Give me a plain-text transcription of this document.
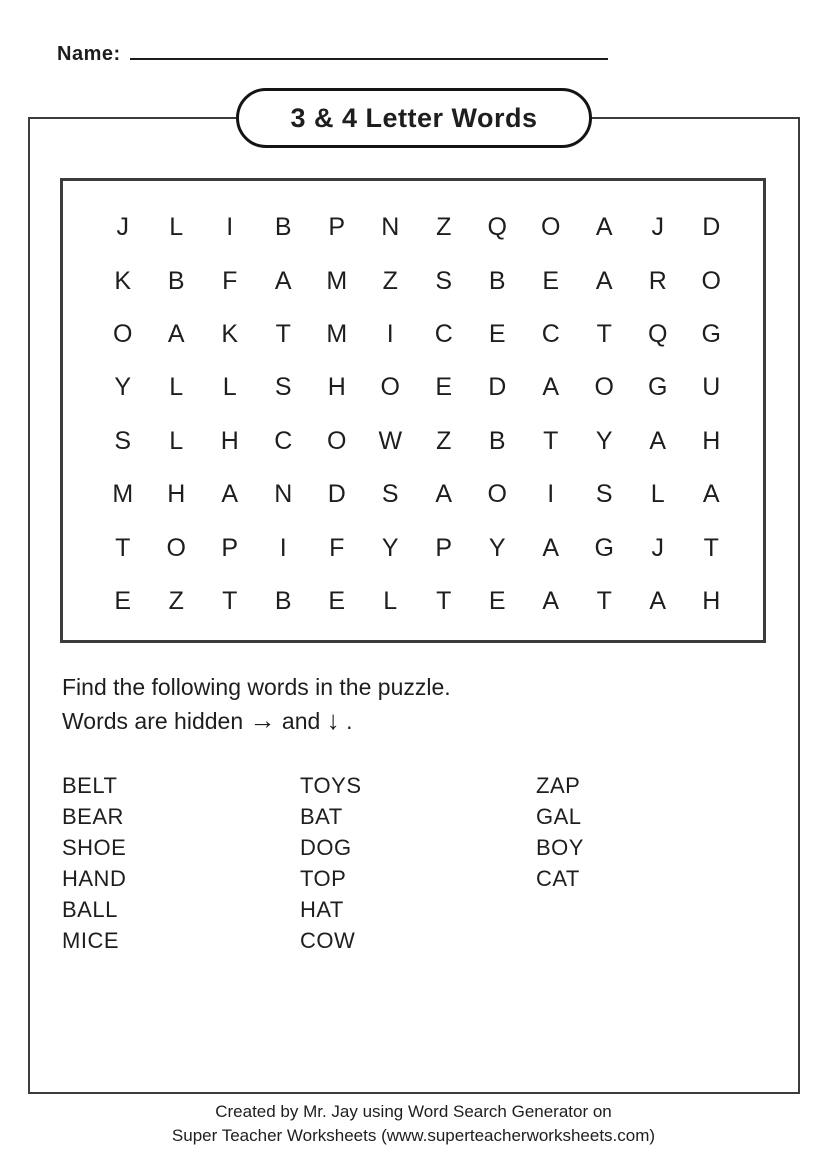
Name:
3 & 4 Letter Words
J	L	I	B	P	N	Z	Q	O	A	J	D
K	B	F	A	M	Z	S	B	E	A	R	O
O	A	K	T	M	I	C	E	C	T	Q	G
Y	L	L	S	H	O	E	D	A	O	G	U
S	L	H	C	O	W	Z	B	T	Y	A	H
M	H	A	N	D	S	A	O	I	S	L	A
T	O	P	I	F	Y	P	Y	A	G	J	T
E	Z	T	B	E	L	T	E	A	T	A	H
Find the following words in the puzzle.
Words are hidden → and ↓ .
BELT
BEAR
SHOE
HAND
BALL
MICE
TOYS
BAT
DOG
TOP
HAT
COW
ZAP
GAL
BOY
CAT
Created by Mr. Jay using Word Search Generator on
Super Teacher Worksheets (www.superteacherworksheets.com)
